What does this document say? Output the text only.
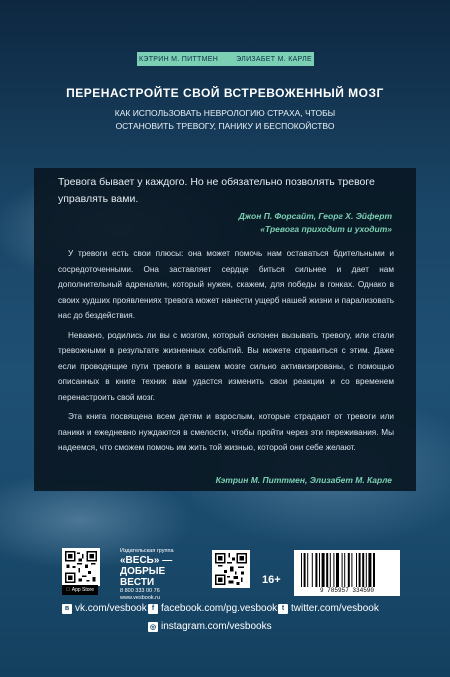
КЭТРИН М. ПИТТМЕН	ЭЛИЗАБЕТ М. КАРЛЕ
ПЕРЕНАСТРОЙТЕ СВОЙ ВСТРЕВОЖЕННЫЙ МОЗГ
КАК ИСПОЛЬЗОВАТЬ НЕВРОЛОГИЮ СТРАХА, ЧТОБЫ ОСТАНОВИТЬ ТРЕВОГУ, ПАНИКУ И БЕСПОКОЙСТВО
Тревога бывает у каждого. Но не обязательно позволять тревоге управлять вами.
Джон П. Форсайт, Георг Х. Эйферт
«Тревога приходит и уходит»

У тревоги есть свои плюсы: она может помочь нам оставаться бдительными и сосредоточенными. Она заставляет сердце биться сильнее и дает нам дополнительный адреналин, который нужен, скажем, для победы в гонках. Однако в своих худших проявлениях тревога может нанести ущерб нашей жизни и парализовать нас до бездействия.

Неважно, родились ли вы с мозгом, который склонен вызывать тревогу, или стали тревожными в результате жизненных событий. Вы можете справиться с этим. Даже если проводящие пути тревоги в вашем мозге сильно активизированы, с помощью описанных в книге техник вам удастся изменить свои реакции и со временем перенастроить свой мозг.

Эта книга посвящена всем детям и взрослым, которые страдают от тревоги или паники и ежедневно нуждаются в смелости, чтобы пройти через эти переживания. Мы надеемся, что сможем помочь им жить той жизнью, которой они себе желают.

Кэтрин М. Питтмен, Элизабет М. Карле
App Store
Издательская группа
«ВЕСЬ» —
ДОБРЫЕ ВЕСТИ
8 800 333 00 76
www.vesbook.ru
16+
9 785957 334590
в vk.com/vesbook f facebook.com/pg.vesbook t twitter.com/vesbook
◎ instagram.com/vesbooks
